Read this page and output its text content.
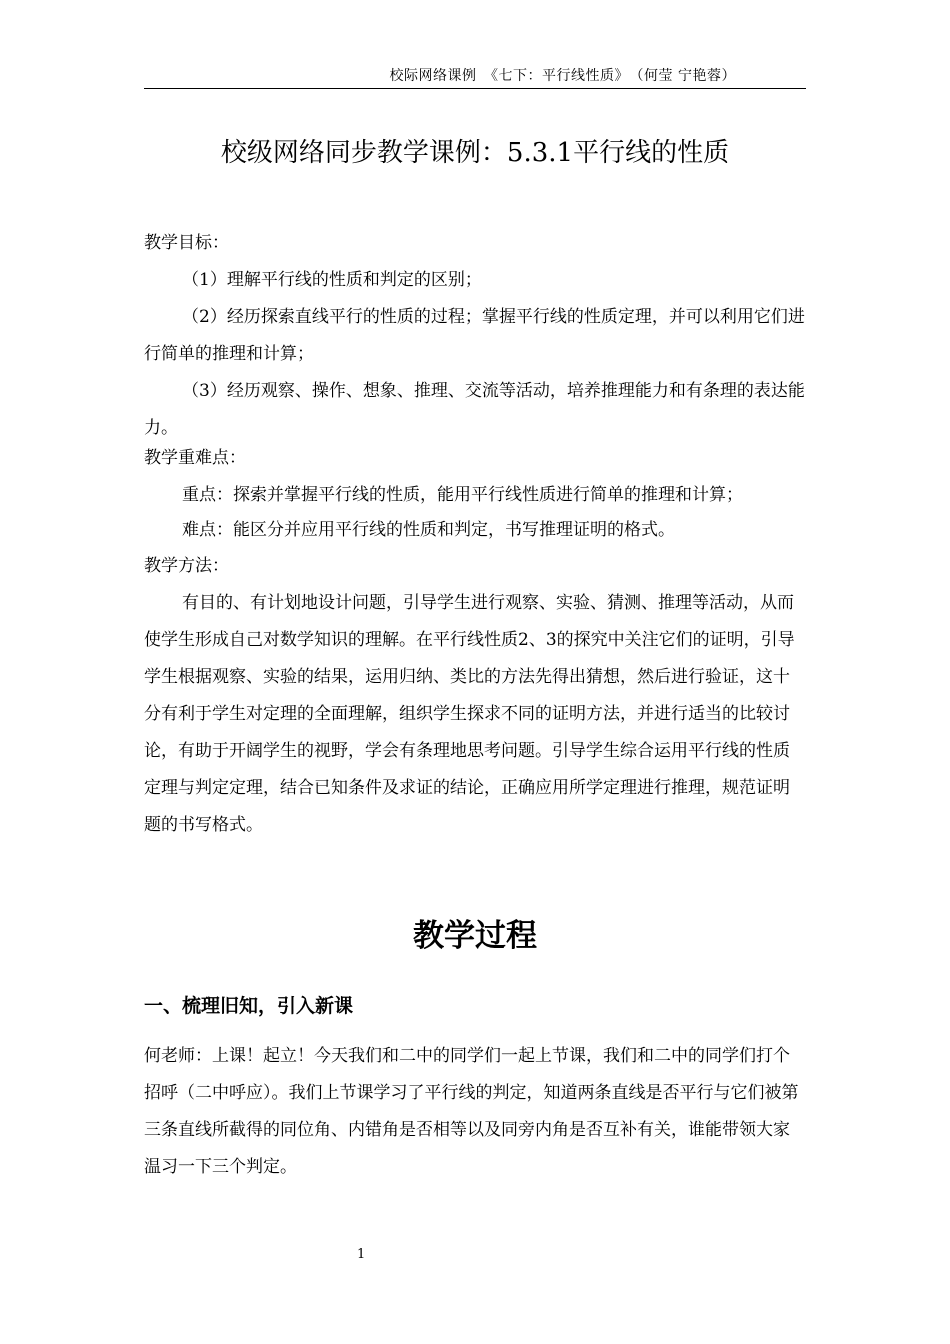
校际网络课例　《七下：平行线性质》　（何莹 宁艳蓉）
校级网络同步教学课例：5.3.1平行线的性质
教学目标：

（1）理解平行线的性质和判定的区别；

（2）经历探索直线平行的性质的过程；掌握平行线的性质定理，并可以利用它们进行简单的推理和计算；

（3）经历观察、操作、想象、推理、交流等活动，培养推理能力和有条理的表达能力。

教学重难点：

重点：探索并掌握平行线的性质，能用平行线性质进行简单的推理和计算；

难点：能区分并应用平行线的性质和判定，书写推理证明的格式。

教学方法：

有目的、有计划地设计问题，引导学生进行观察、实验、猜测、推理等活动，从而使学生形成自己对数学知识的理解。在平行线性质2、3的探究中关注它们的证明，引导学生根据观察、实验的结果，运用归纳、类比的方法先得出猜想，然后进行验证，这十分有利于学生对定理的全面理解，组织学生探求不同的证明方法，并进行适当的比较讨论，有助于开阔学生的视野，学会有条理地思考问题。引导学生综合运用平行线的性质定理与判定定理，结合已知条件及求证的结论，正确应用所学定理进行推理，规范证明题的书写格式。

教学过程
一、梳理旧知，引入新课

何老师：上课！起立！今天我们和二中的同学们一起上节课，我们和二中的同学们打个招呼（二中呼应）。我们上节课学习了平行线的判定，知道两条直线是否平行与它们被第三条直线所截得的同位角、内错角是否相等以及同旁内角是否互补有关，谁能带领大家温习一下三个判定。

1
